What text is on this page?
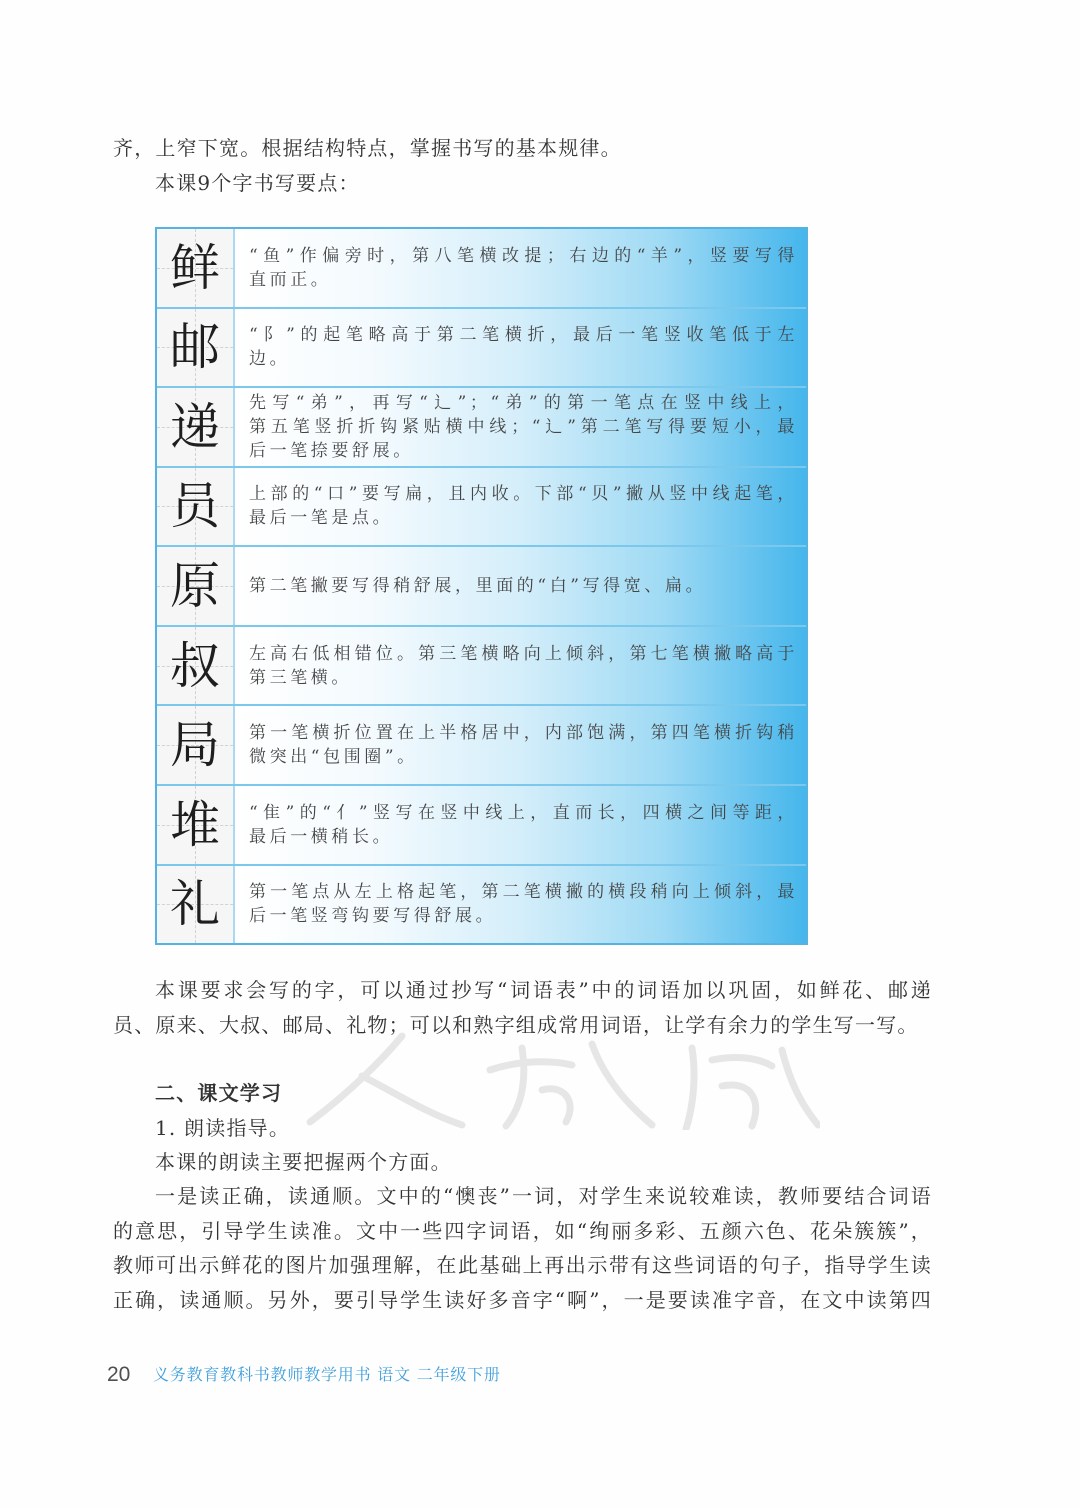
齐，上窄下宽。根据结构特点，掌握书写的基本规律。
本课9个字书写要点：
鲜 “鱼”作偏旁时，第八笔横改提；右边的“羊”，竖要写得
直而正。
邮 “阝”的起笔略高于第二笔横折，最后一笔竖收笔低于左
边。
递 先写“弟”，再写“辶”；“弟”的第一笔点在竖中线上，
第五笔竖折折钩紧贴横中线；“辶”第二笔写得要短小，最
后一笔捺要舒展。
员 上部的“口”要写扁，且内收。下部“贝”撇从竖中线起笔，
最后一笔是点。
原 第二笔撇要写得稍舒展，里面的“白”写得宽、扁。
叔 左高右低相错位。第三笔横略向上倾斜，第七笔横撇略高于
第三笔横。
局 第一笔横折位置在上半格居中，内部饱满，第四笔横折钩稍
微突出“包围圈”。
堆 “隹”的“亻”竖写在竖中线上，直而长，四横之间等距，
最后一横稍长。
礼 第一笔点从左上格起笔，第二笔横撇的横段稍向上倾斜，最
后一笔竖弯钩要写得舒展。
本课要求会写的字，可以通过抄写“词语表”中的词语加以巩固，如鲜花、邮递
员、原来、大叔、邮局、礼物；可以和熟字组成常用词语，让学有余力的学生写一写。
二、课文学习
1. 朗读指导。
本课的朗读主要把握两个方面。
一是读正确，读通顺。文中的“懊丧”一词，对学生来说较难读，教师要结合词语
的意思，引导学生读准。文中一些四字词语，如“绚丽多彩、五颜六色、花朵簇簇”，
教师可出示鲜花的图片加强理解，在此基础上再出示带有这些词语的句子，指导学生读
正确，读通顺。另外，要引导学生读好多音字“啊”，一是要读准字音，在文中读第四
20 义务教育教科书教师教学用书 语文 二年级下册
